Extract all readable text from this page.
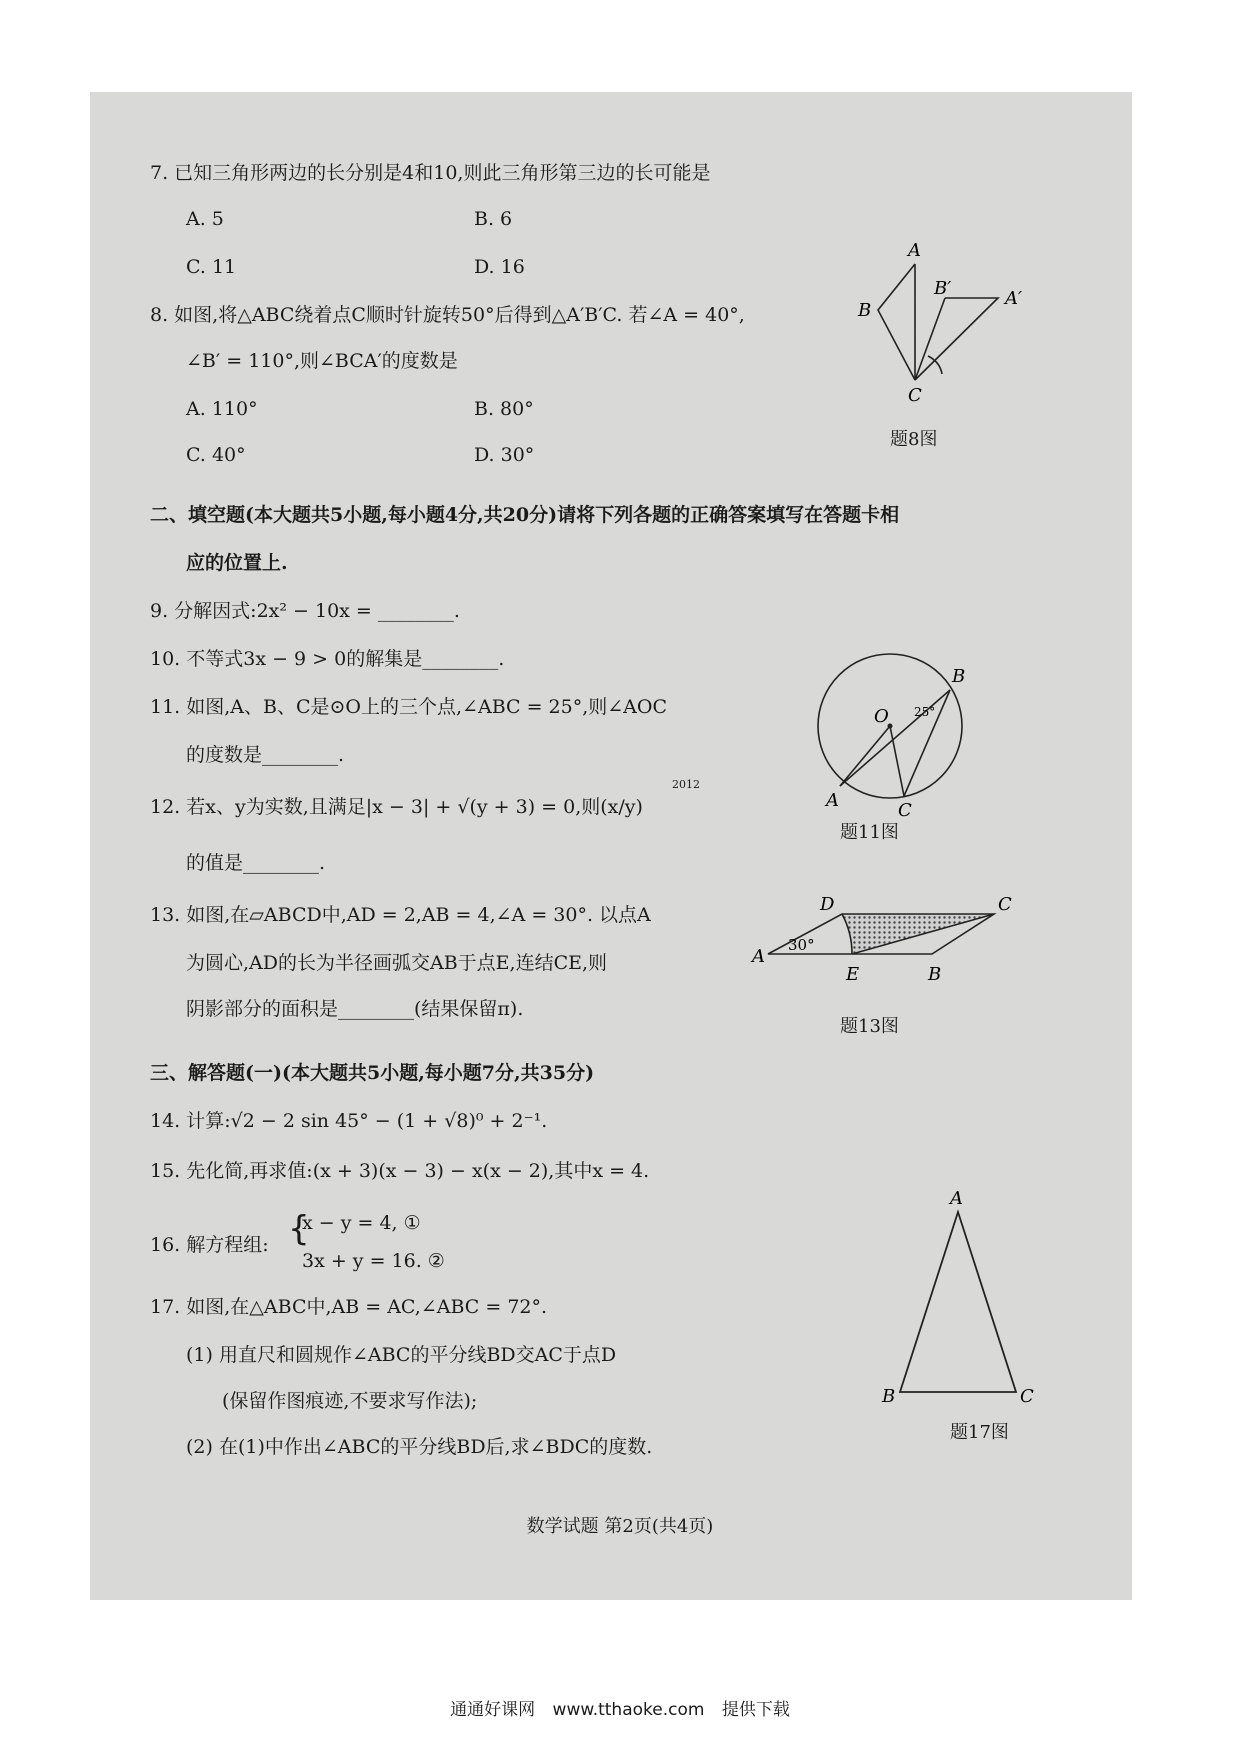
7. 已知三角形两边的长分别是4和10,则此三角形第三边的长可能是
A. 5	B. 6
C. 11	D. 16
8. 如图,将△ABC绕着点C顺时针旋转50°后得到△A′B′C. 若∠A = 40°,
∠B′ = 110°,则∠BCA′的度数是
A. 110°	B. 80°
C. 40°	D. 30°
A
B
B′	A′
C
题8图
二、填空题(本大题共5小题,每小题4分,共20分)请将下列各题的正确答案填写在答题卡相
应的位置上.
9. 分解因式:2x² − 10x = ________.
10. 不等式3x − 9 > 0的解集是________.
11. 如图,A、B、C是⊙O上的三个点,∠ABC = 25°,则∠AOC
的度数是________.
O
B
A	C
25°
题11图
12. 若x、y为实数,且满足|x − 3| + √(y + 3) = 0,则(x/y)
2012
的值是________.
13. 如图,在▱ABCD中,AD = 2,AB = 4,∠A = 30°. 以点A
为圆心,AD的长为半径画弧交AB于点E,连结CE,则
阴影部分的面积是________(结果保留π).
D	C
A
E	B
30°
题13图
三、解答题(一)(本大题共5小题,每小题7分,共35分)
14. 计算:√2 − 2 sin 45° − (1 + √8)⁰ + 2⁻¹.
15. 先化简,再求值:(x + 3)(x − 3) − x(x − 2),其中x = 4.
16. 解方程组: {
x − y = 4, ①
3x + y = 16. ②
17. 如图,在△ABC中,AB = AC,∠ABC = 72°.
(1) 用直尺和圆规作∠ABC的平分线BD交AC于点D
(保留作图痕迹,不要求写作法);
(2) 在(1)中作出∠ABC的平分线BD后,求∠BDC的度数.
A
B	C
题17图
数学试题 第2页(共4页)
通通好课网 www.tthaoke.com 提供下载
